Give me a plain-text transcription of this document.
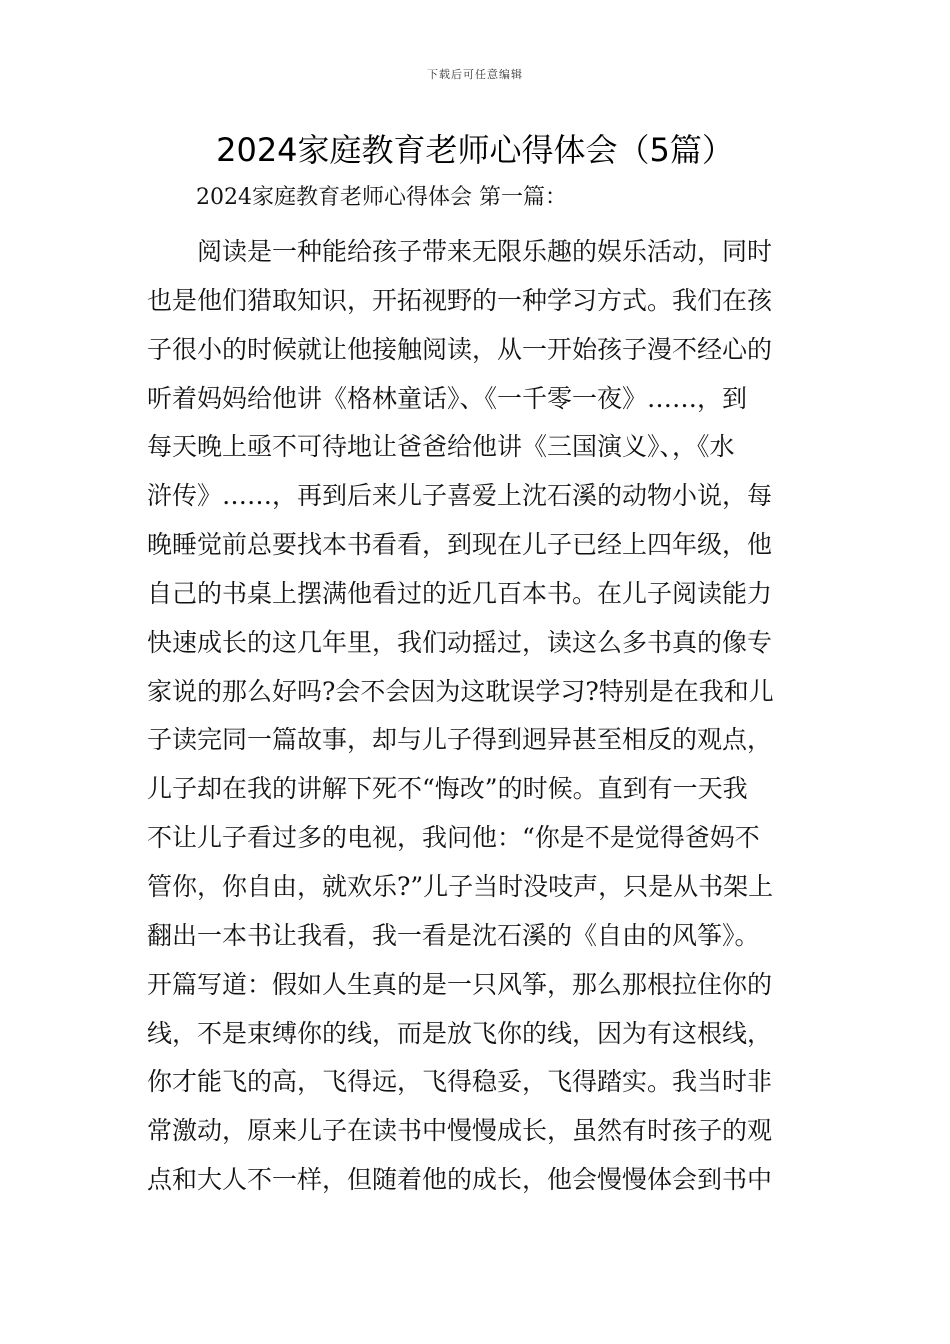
下载后可任意编辑
2024家庭教育老师心得体会（5篇）
2024家庭教育老师心得体会 第一篇：
阅读是一种能给孩子带来无限乐趣的娱乐活动，同时
也是他们猎取知识，开拓视野的一种学习方式。我们在孩
子很小的时候就让他接触阅读，从一开始孩子漫不经心的
听着妈妈给他讲《格林童话》、《一千零一夜》……，到
每天晚上亟不可待地让爸爸给他讲《三国演义》、，《水
浒传》……，再到后来儿子喜爱上沈石溪的动物小说，每
晚睡觉前总要找本书看看，到现在儿子已经上四年级，他
自己的书桌上摆满他看过的近几百本书。在儿子阅读能力
快速成长的这几年里，我们动摇过，读这么多书真的像专
家说的那么好吗?会不会因为这耽误学习?特别是在我和儿
子读完同一篇故事，却与儿子得到迥异甚至相反的观点，
儿子却在我的讲解下死不“悔改”的时候。直到有一天我
不让儿子看过多的电视，我问他：“你是不是觉得爸妈不
管你，你自由，就欢乐?”儿子当时没吱声，只是从书架上
翻出一本书让我看，我一看是沈石溪的《自由的风筝》。
开篇写道：假如人生真的是一只风筝，那么那根拉住你的
线，不是束缚你的线，而是放飞你的线，因为有这根线，
你才能飞的高，飞得远，飞得稳妥，飞得踏实。我当时非
常激动，原来儿子在读书中慢慢成长，虽然有时孩子的观
点和大人不一样，但随着他的成长，他会慢慢体会到书中
